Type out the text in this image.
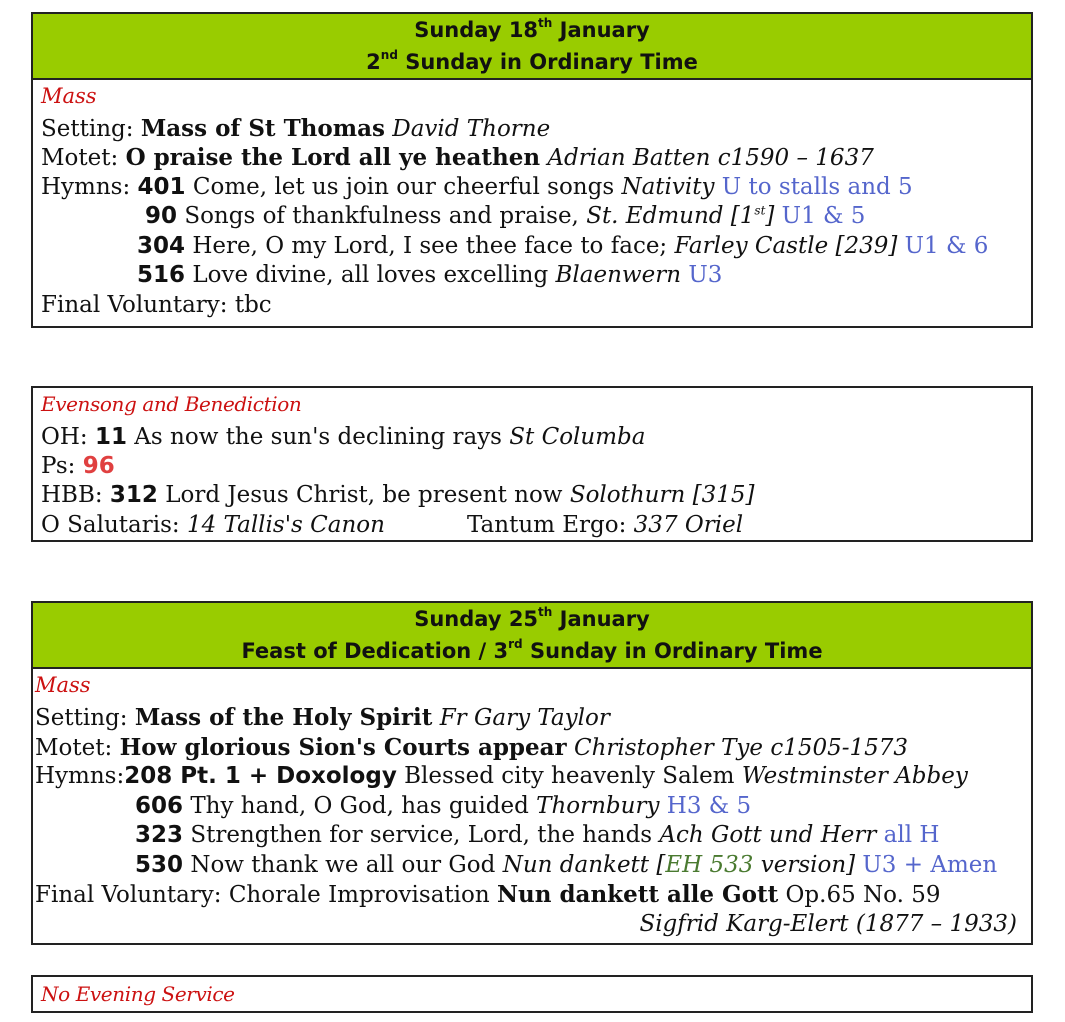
Sunday 18th January
2nd Sunday in Ordinary Time
Mass
Setting: Mass of St Thomas David Thorne
Motet: O praise the Lord all ye heathen Adrian Batten c1590 – 1637
Hymns: 401 Come, let us join our cheerful songs Nativity U to stalls and 5
90 Songs of thankfulness and praise, St. Edmund [1st] U1 & 5
304 Here, O my Lord, I see thee face to face; Farley Castle [239] U1 & 6
516 Love divine, all loves excelling Blaenwern U3
Final Voluntary: tbc
Evensong and Benediction
OH: 11 As now the sun's declining rays St Columba
Ps: 96
HBB: 312 Lord Jesus Christ, be present now Solothurn [315]
O Salutaris: 14 Tallis's Canon	Tantum Ergo: 337 Oriel
Sunday 25th January
Feast of Dedication / 3rd Sunday in Ordinary Time
Mass
Setting: Mass of the Holy Spirit Fr Gary Taylor
Motet: How glorious Sion's Courts appear Christopher Tye c1505-1573
Hymns:208 Pt. 1 + Doxology Blessed city heavenly Salem Westminster Abbey
606 Thy hand, O God, has guided Thornbury H3 & 5
323 Strengthen for service, Lord, the hands Ach Gott und Herr all H
530 Now thank we all our God Nun dankett [EH 533 version] U3 + Amen
Final Voluntary: Chorale Improvisation Nun dankett alle Gott Op.65 No. 59
Sigfrid Karg-Elert (1877 – 1933)
No Evening Service
